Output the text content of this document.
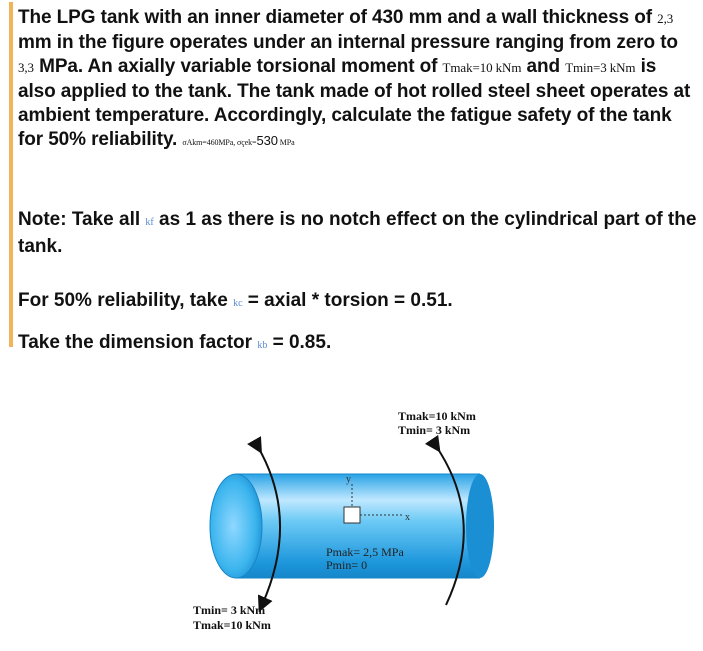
The LPG tank with an inner diameter of 430 mm and a wall thickness of 2,3 mm in the figure operates under an internal pressure ranging from zero to 3,3 MPa. An axially variable torsional moment of Tmak=10 kNm and Tmin=3 kNm is also applied to the tank. The tank made of hot rolled steel sheet operates at ambient temperature. Accordingly, calculate the fatigue safety of the tank for 50% reliability. σAkm=460MPa, σçek=530 MPa
Note: Take all kf as 1 as there is no notch effect on the cylindrical part of the tank.
For 50% reliability, take kc = axial * torsion = 0.51.
Take the dimension factor kb = 0.85.
y
x
Pmak= 2,5 MPa
Pmin= 0
Tmak=10 kNm
Tmin= 3 kNm
Tmin= 3 kNm
Tmak=10 kNm
